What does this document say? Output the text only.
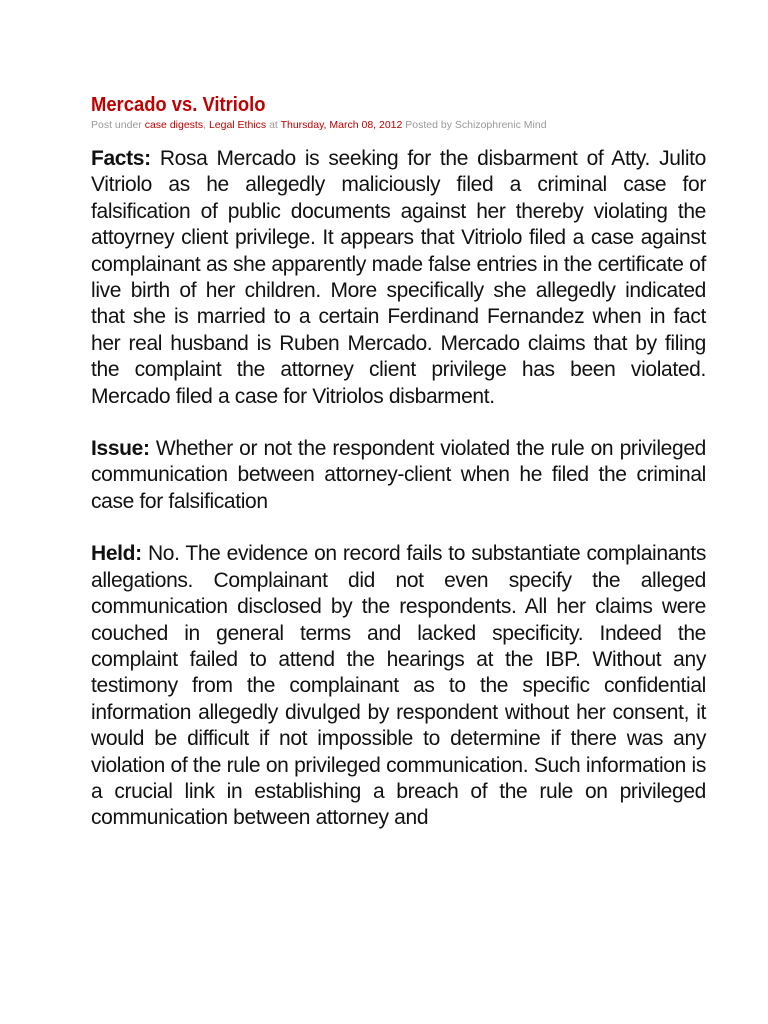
Mercado vs. Vitriolo
Post under case digests, Legal Ethics at Thursday, March 08, 2012 Posted by Schizophrenic Mind

Facts: Rosa Mercado is seeking for the disbarment of Atty. Julito Vitriolo as he allegedly maliciously filed a criminal case for falsification of public documents against her thereby violating the attoyrney client privilege. It appears that Vitriolo filed a case against complainant as she apparently made false entries in the certificate of live birth of her children. More specifically she allegedly indicated that she is married to a certain Ferdinand Fernandez when in fact her real husband is Ruben Mercado. Mercado claims that by filing the complaint the attorney client privilege has been violated. Mercado filed a case for Vitriolos disbarment.

Issue: Whether or not the respondent violated the rule on privileged communication between attorney-client when he filed the criminal case for falsification

Held: No. The evidence on record fails to substantiate complainants allegations. Complainant did not even specify the alleged communication disclosed by the respondents. All her claims were couched in general terms and lacked specificity. Indeed the complaint failed to attend the hearings at the IBP. Without any testimony from the complainant as to the specific confidential information allegedly divulged by respondent without her consent, it would be difficult if not impossible to determine if there was any violation of the rule on privileged communication. Such information is a crucial link in establishing a breach of the rule on privileged communication between attorney and
